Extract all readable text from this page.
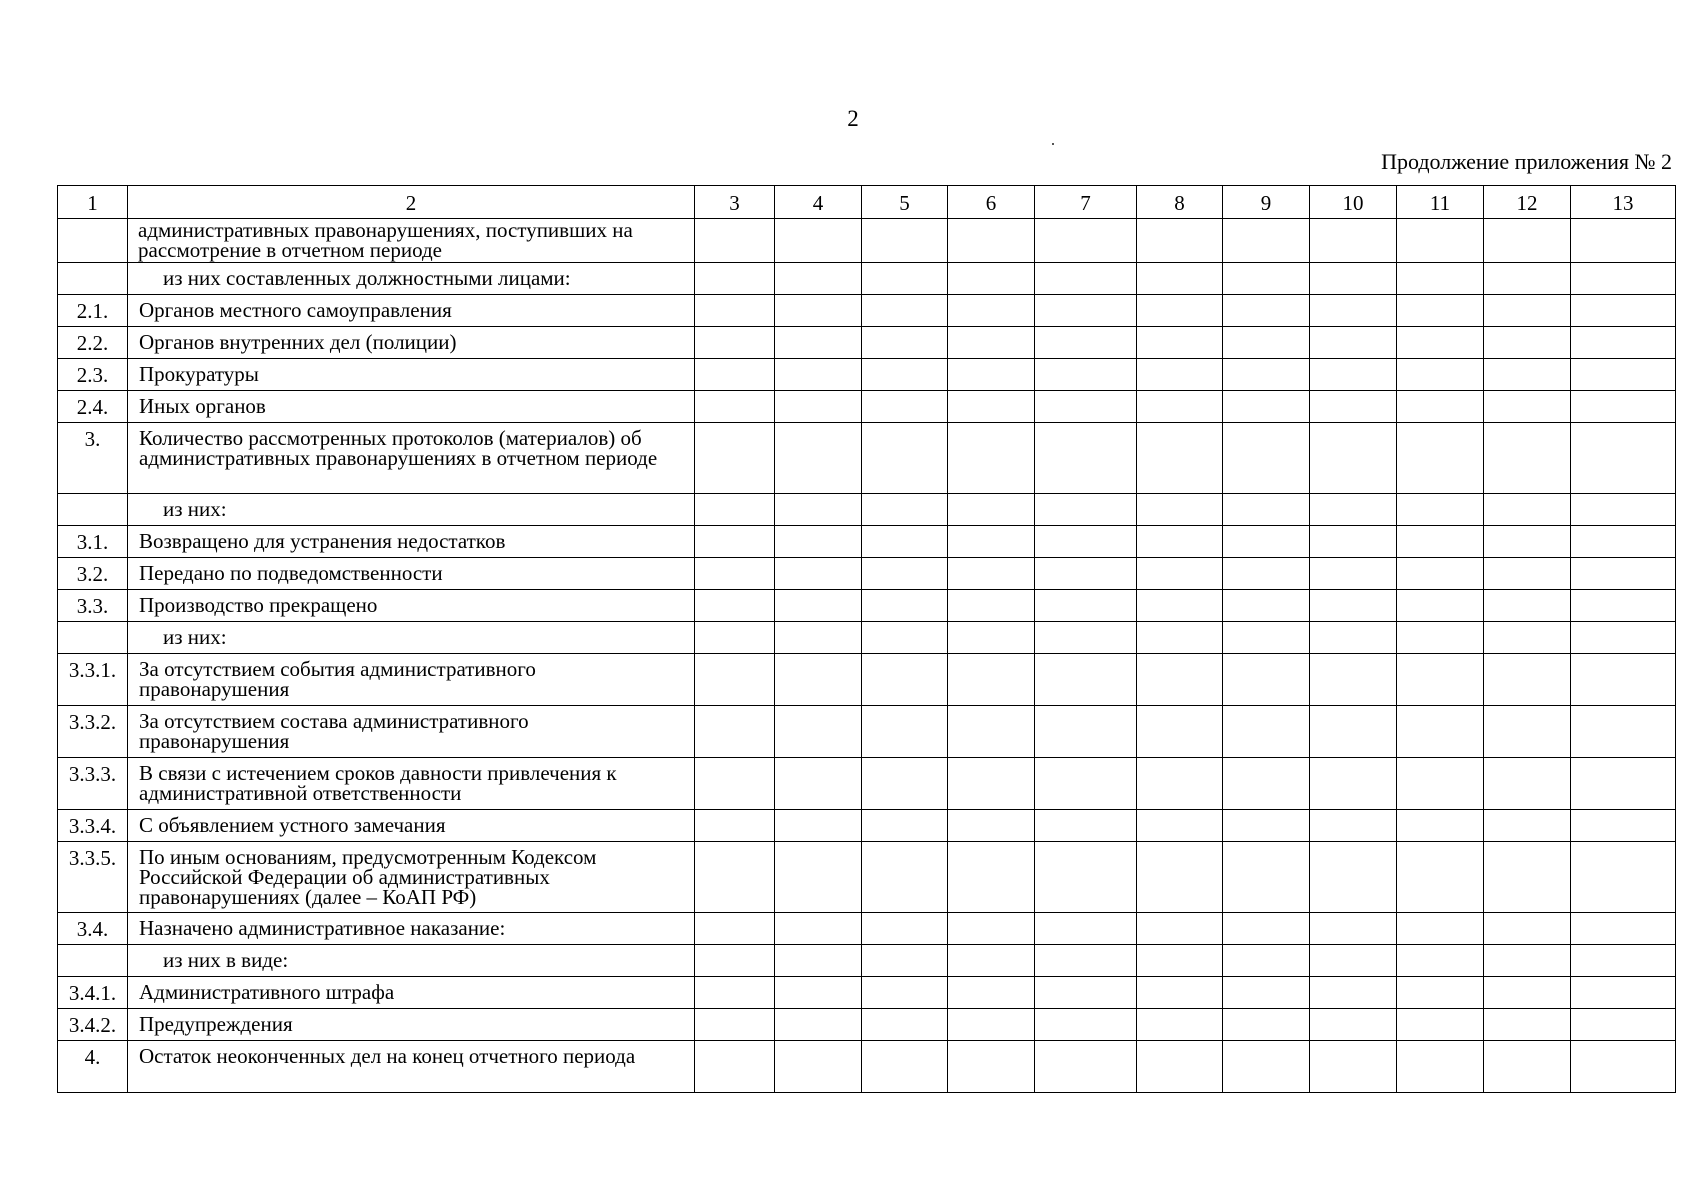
2
Продолжение приложения № 2
1	2	3	4	5	6	7	8	9	10	11	12	13
	административных правонарушениях, поступивших на рассмотрение в отчетном периоде											
	из них составленных должностными лицами:											
2.1.	Органов местного самоуправления											
2.2.	Органов внутренних дел (полиции)											
2.3.	Прокуратуры											
2.4.	Иных органов											
3.	Количество рассмотренных протоколов (материалов) об административных правонарушениях в отчетном периоде											
	из них:											
3.1.	Возвращено для устранения недостатков											
3.2.	Передано по подведомственности											
3.3.	Производство прекращено											
	из них:											
3.3.1.	За отсутствием события административного правонарушения											
3.3.2.	За отсутствием состава административного правонарушения											
3.3.3.	В связи с истечением сроков давности привлечения к административной ответственности											
3.3.4.	С объявлением устного замечания											
3.3.5.	По иным основаниям, предусмотренным Кодексом Российской Федерации об административных правонарушениях (далее – КоАП РФ)											
3.4.	Назначено административное наказание:											
	из них в виде:											
3.4.1.	Административного штрафа											
3.4.2.	Предупреждения											
4.	Остаток неоконченных дел на конец отчетного периода											
